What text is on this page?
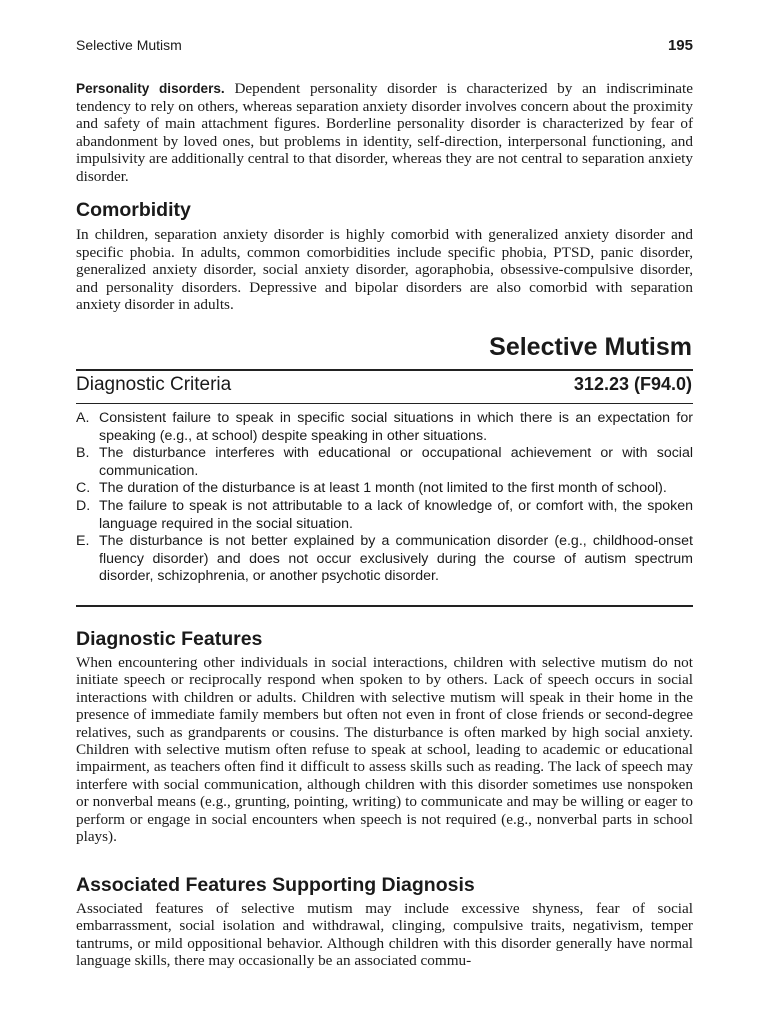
Selective Mutism	195

Personality disorders. Dependent personality disorder is characterized by an indiscriminate tendency to rely on others, whereas separation anxiety disorder involves concern about the proximity and safety of main attachment figures. Borderline personality disorder is characterized by fear of abandonment by loved ones, but problems in identity, self-direction, interpersonal functioning, and impulsivity are additionally central to that disorder, whereas they are not central to separation anxiety disorder.

Comorbidity

In children, separation anxiety disorder is highly comorbid with generalized anxiety disorder and specific phobia. In adults, common comorbidities include specific phobia, PTSD, panic disorder, generalized anxiety disorder, social anxiety disorder, agoraphobia, obsessive-compulsive disorder, and personality disorders. Depressive and bipolar disorders are also comorbid with separation anxiety disorder in adults.

Selective Mutism
Diagnostic Criteria	312.23 (F94.0)
A. Consistent failure to speak in specific social situations in which there is an expectation for speaking (e.g., at school) despite speaking in other situations.
B. The disturbance interferes with educational or occupational achievement or with social communication.
C. The duration of the disturbance is at least 1 month (not limited to the first month of school).
D. The failure to speak is not attributable to a lack of knowledge of, or comfort with, the spoken language required in the social situation.
E. The disturbance is not better explained by a communication disorder (e.g., childhood-onset fluency disorder) and does not occur exclusively during the course of autism spectrum disorder, schizophrenia, or another psychotic disorder.
Diagnostic Features

When encountering other individuals in social interactions, children with selective mutism do not initiate speech or reciprocally respond when spoken to by others. Lack of speech occurs in social interactions with children or adults. Children with selective mutism will speak in their home in the presence of immediate family members but often not even in front of close friends or second-degree relatives, such as grandparents or cousins. The disturbance is often marked by high social anxiety. Children with selective mutism often refuse to speak at school, leading to academic or educational impairment, as teachers often find it difficult to assess skills such as reading. The lack of speech may interfere with social communication, although children with this disorder sometimes use nonspoken or nonverbal means (e.g., grunting, pointing, writing) to communicate and may be willing or eager to perform or engage in social encounters when speech is not required (e.g., nonverbal parts in school plays).

Associated Features Supporting Diagnosis

Associated features of selective mutism may include excessive shyness, fear of social embarrassment, social isolation and withdrawal, clinging, compulsive traits, negativism, temper tantrums, or mild oppositional behavior. Although children with this disorder generally have normal language skills, there may occasionally be an associated commu-
